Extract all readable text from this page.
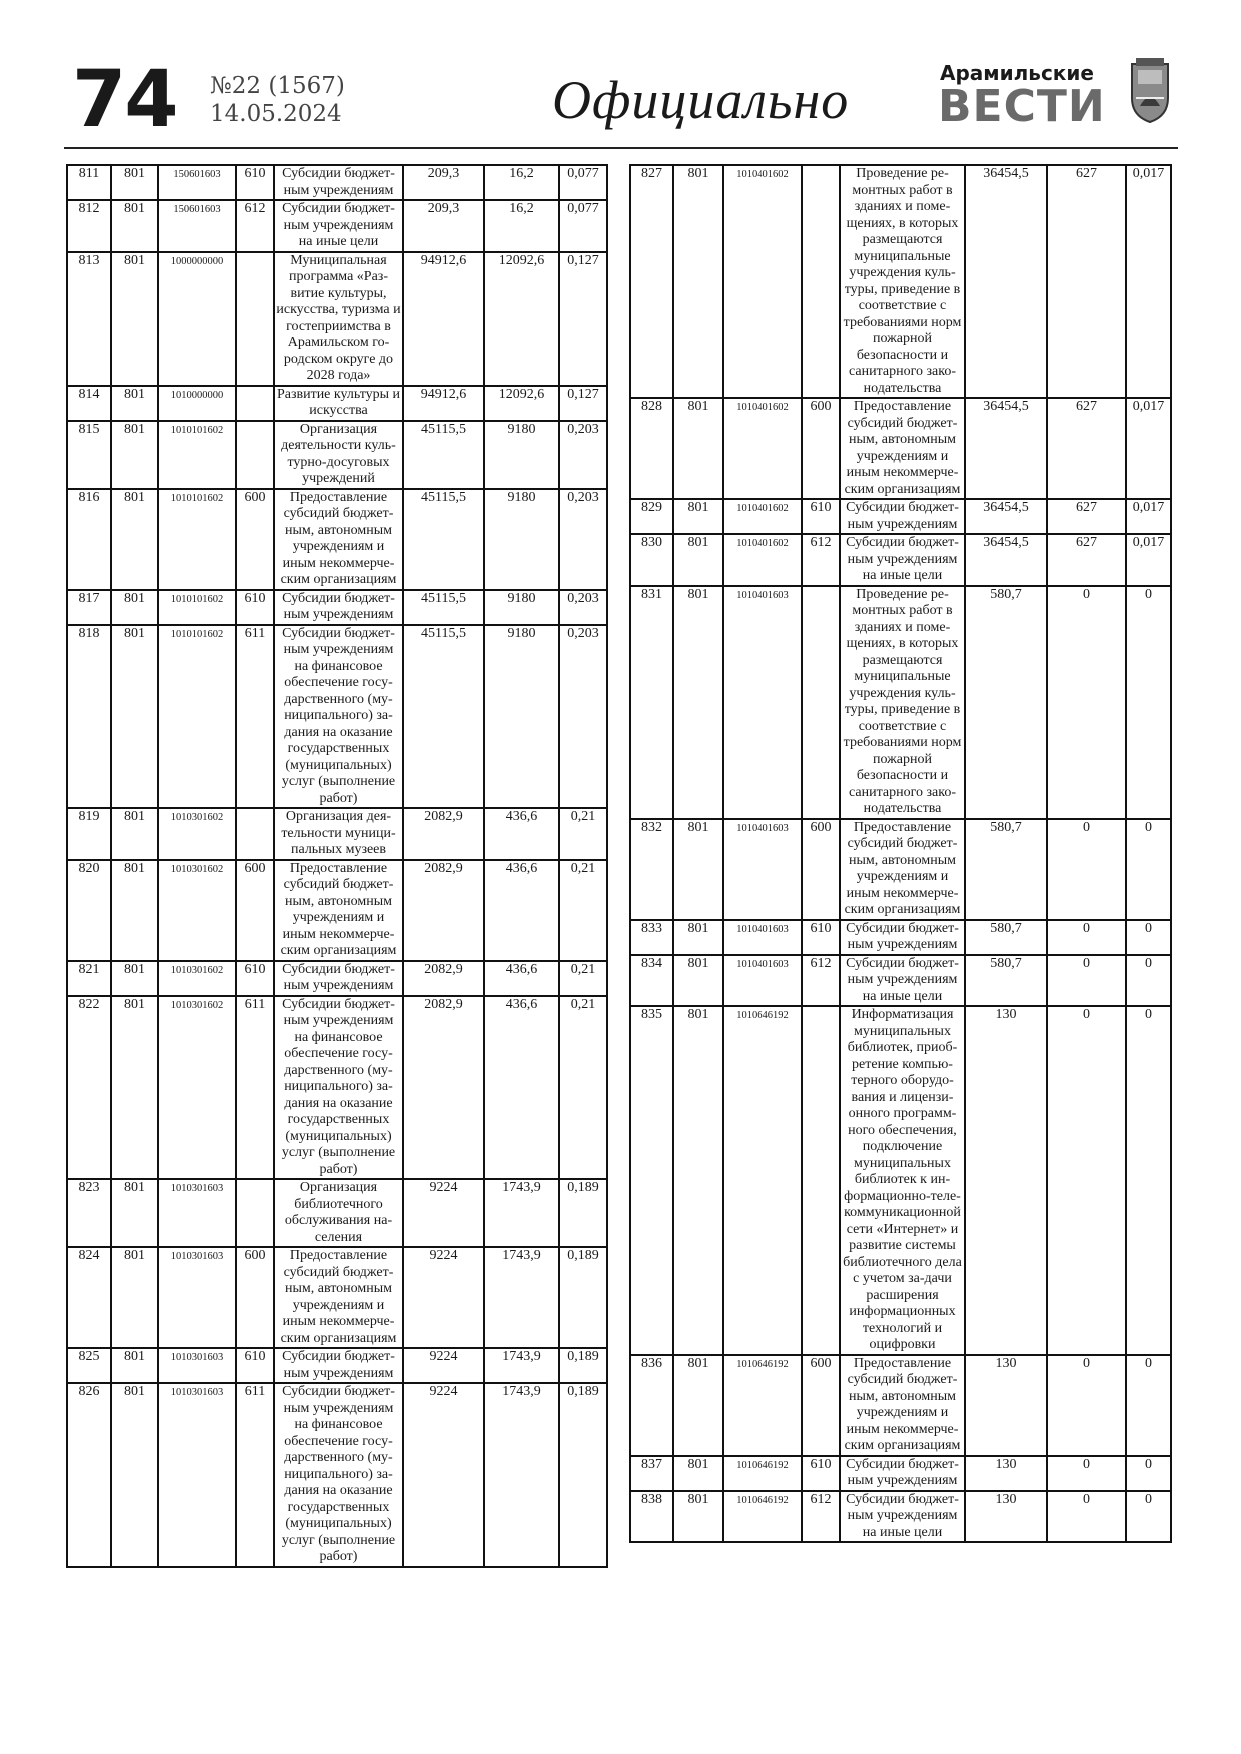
74 №22 (1567)
14.05.2024	Официально	Арамильские
ВЕСТИ
811	801	150601603	610	Субсидии бюджет-ным учреждениям	209,3	16,2	0,077
812	801	150601603	612	Субсидии бюджет-ным учреждениям на иные цели	209,3	16,2	0,077
813	801	1000000000		Муниципальная программа «Раз-витие культуры, искусства, туризма и гостеприимства в Арамильском го-родском округе до 2028 года»	94912,6	12092,6	0,127
814	801	1010000000		Развитие культуры и искусства	94912,6	12092,6	0,127
815	801	1010101602		Организация деятельности куль-турно-досуговых учреждений	45115,5	9180	0,203
816	801	1010101602	600	Предоставление субсидий бюджет-ным, автономным учреждениям и иным некоммерче-ским организациям	45115,5	9180	0,203
817	801	1010101602	610	Субсидии бюджет-ным учреждениям	45115,5	9180	0,203
818	801	1010101602	611	Субсидии бюджет-ным учреждениям на финансовое обеспечение госу-дарственного (му-ниципального) за-дания на оказание государственных (муниципальных) услуг (выполнение работ)	45115,5	9180	0,203
819	801	1010301602		Организация дея-тельности муници-пальных музеев	2082,9	436,6	0,21
820	801	1010301602	600	Предоставление субсидий бюджет-ным, автономным учреждениям и иным некоммерче-ским организациям	2082,9	436,6	0,21
821	801	1010301602	610	Субсидии бюджет-ным учреждениям	2082,9	436,6	0,21
822	801	1010301602	611	Субсидии бюджет-ным учреждениям на финансовое обеспечение госу-дарственного (му-ниципального) за-дания на оказание государственных (муниципальных) услуг (выполнение работ)	2082,9	436,6	0,21
823	801	1010301603		Организация библиотечного обслуживания на-селения	9224	1743,9	0,189
824	801	1010301603	600	Предоставление субсидий бюджет-ным, автономным учреждениям и иным некоммерче-ским организациям	9224	1743,9	0,189
825	801	1010301603	610	Субсидии бюджет-ным учреждениям	9224	1743,9	0,189
826	801	1010301603	611	Субсидии бюджет-ным учреждениям на финансовое обеспечение госу-дарственного (му-ниципального) за-дания на оказание государственных (муниципальных) услуг (выполнение работ)	9224	1743,9	0,189
827	801	1010401602		Проведение ре-монтных работ в зданиях и поме-щениях, в которых размещаются муниципальные учреждения куль-туры, приведение в соответствие с требованиями норм пожарной безопасности и санитарного зако-нодательства	36454,5	627	0,017
828	801	1010401602	600	Предоставление субсидий бюджет-ным, автономным учреждениям и иным некоммерче-ским организациям	36454,5	627	0,017
829	801	1010401602	610	Субсидии бюджет-ным учреждениям	36454,5	627	0,017
830	801	1010401602	612	Субсидии бюджет-ным учреждениям на иные цели	36454,5	627	0,017
831	801	1010401603		Проведение ре-монтных работ в зданиях и поме-щениях, в которых размещаются муниципальные учреждения куль-туры, приведение в соответствие с требованиями норм пожарной безопасности и санитарного зако-нодательства	580,7	0	0
832	801	1010401603	600	Предоставление субсидий бюджет-ным, автономным учреждениям и иным некоммерче-ским организациям	580,7	0	0
833	801	1010401603	610	Субсидии бюджет-ным учреждениям	580,7	0	0
834	801	1010401603	612	Субсидии бюджет-ным учреждениям на иные цели	580,7	0	0
835	801	1010646192		Информатизация муниципальных библиотек, приоб-ретение компью-терного оборудо-вания и лицензи-онного программ-ного обеспечения, подключение муниципальных библиотек к ин-формационно-теле-коммуникационной сети «Интернет» и развитие системы библиотечного дела с учетом за-дачи расширения информационных технологий и оцифровки	130	0	0
836	801	1010646192	600	Предоставление субсидий бюджет-ным, автономным учреждениям и иным некоммерче-ским организациям	130	0	0
837	801	1010646192	610	Субсидии бюджет-ным учреждениям	130	0	0
838	801	1010646192	612	Субсидии бюджет-ным учреждениям на иные цели	130	0	0
